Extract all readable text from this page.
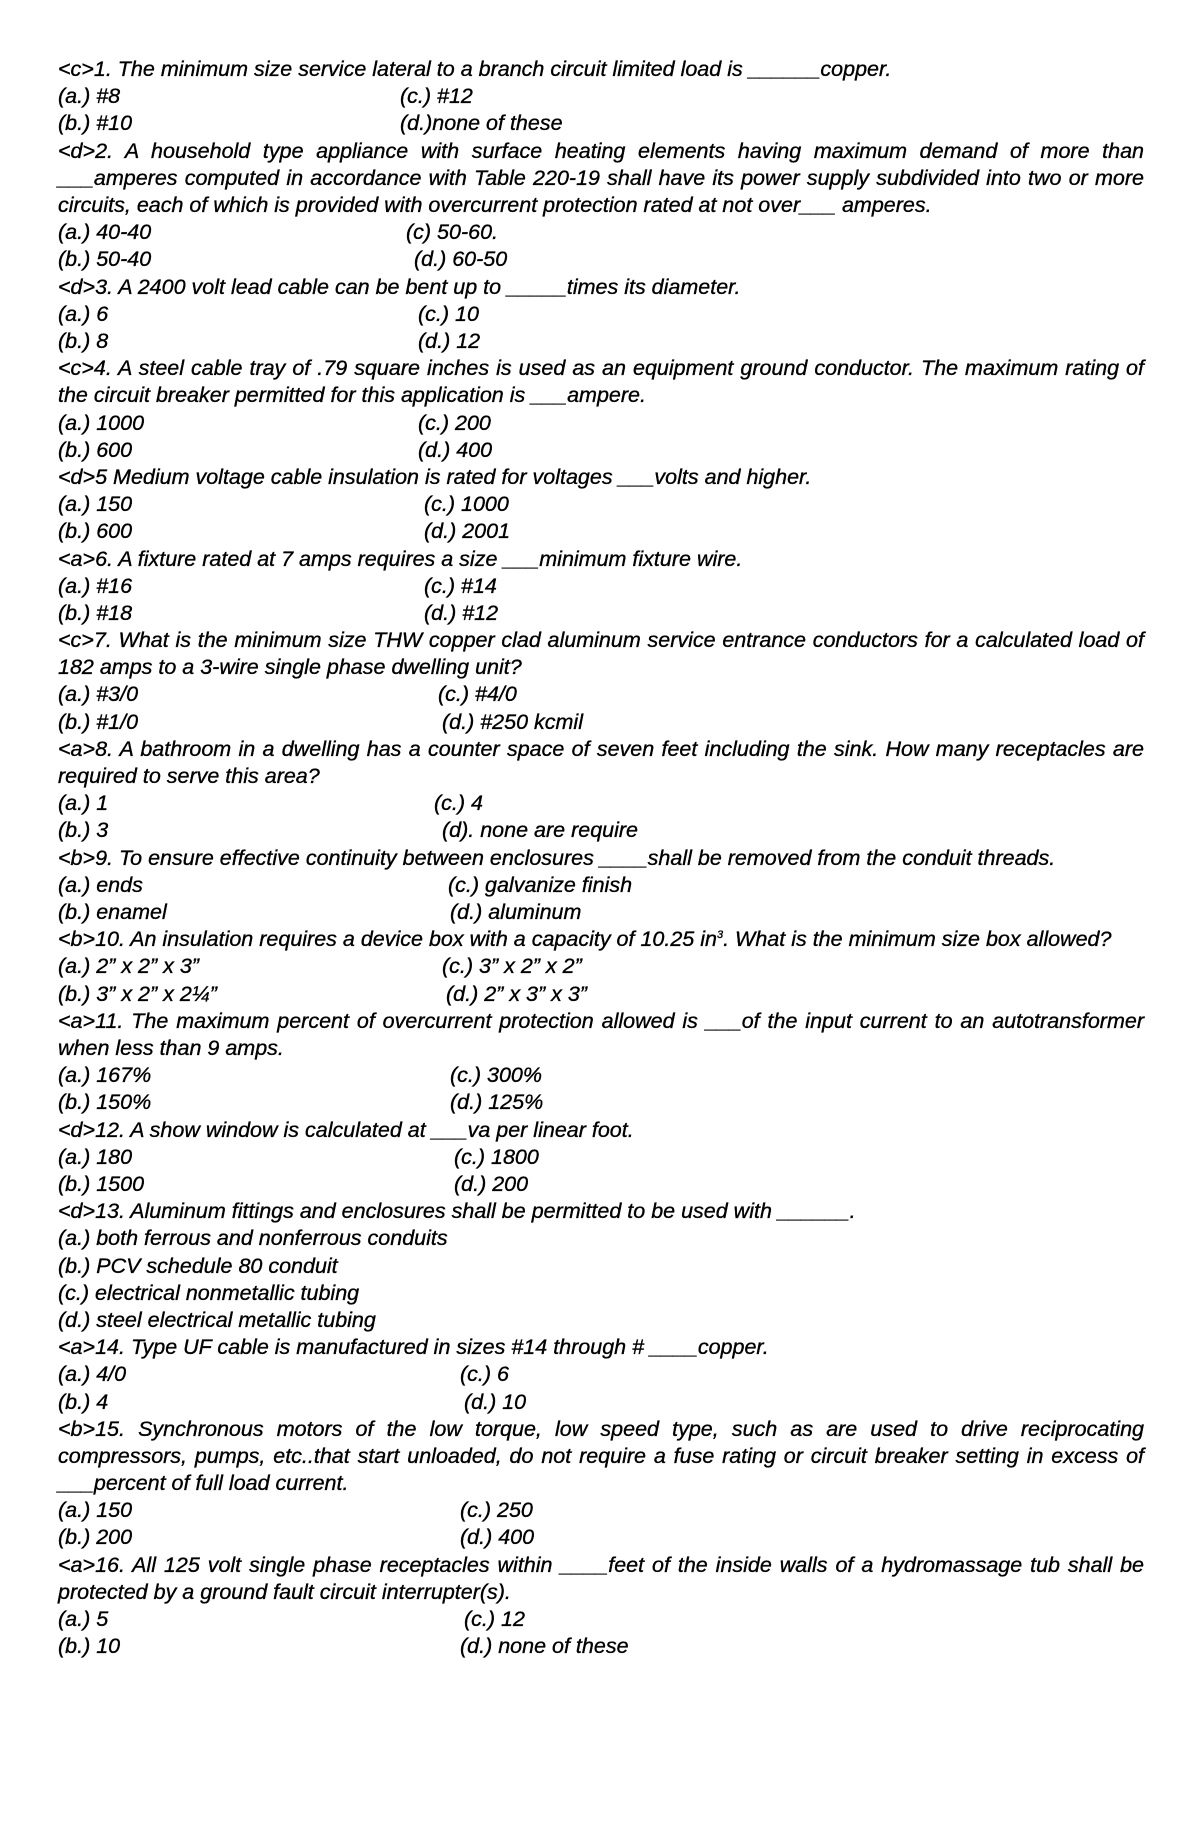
<c>1. The minimum size service lateral to a branch circuit limited load is ______copper.
(a.) #8	(c.) #12
(b.) #10	(d.)none of these
<d>2. A household type appliance with surface heating elements having maximum demand of more than ___amperes computed in accordance with Table 220-19 shall have its power supply subdivided into two or more circuits, each of which is provided with overcurrent protection rated at not over___ amperes.
(a.) 40-40	(c) 50-60.
(b.) 50-40	(d.) 60-50
<d>3. A 2400 volt lead cable can be bent up to _____times its diameter.
(a.) 6	(c.) 10
(b.) 8	(d.) 12
<c>4. A steel cable tray of .79 square inches is used as an equipment ground conductor. The maximum rating of the circuit breaker permitted for this application is ___ampere.
(a.) 1000	(c.) 200
(b.) 600	(d.) 400
<d>5 Medium voltage cable insulation is rated for voltages ___volts and higher.
(a.) 150	(c.) 1000
(b.) 600	(d.) 2001
<a>6. A fixture rated at 7 amps requires a size ___minimum fixture wire.
(a.) #16	(c.) #14
(b.) #18	(d.) #12
<c>7. What is the minimum size THW copper clad aluminum service entrance conductors for a calculated load of 182 amps to a 3-wire single phase dwelling unit?
(a.) #3/0	(c.) #4/0
(b.) #1/0	(d.) #250 kcmil
<a>8. A bathroom in a dwelling has a counter space of seven feet including the sink. How many receptacles are required to serve this area?
(a.) 1	(c.) 4
(b.) 3	(d). none are require
<b>9. To ensure effective continuity between enclosures ____shall be removed from the conduit threads.
(a.) ends	(c.) galvanize finish
(b.) enamel	(d.) aluminum
<b>10. An insulation requires a device box with a capacity of 10.25 $in^3$. What is the minimum size box allowed?
(a.) 2” x 2” x 3”	(c.) 3” x 2” x 2”
(b.) 3” x 2” x 2¼”	(d.) 2” x 3” x 3”
<a>11. The maximum percent of overcurrent protection allowed is ___of the input current to an autotransformer when less than 9 amps.
(a.) 167%	(c.) 300%
(b.) 150%	(d.) 125%
<d>12. A show window is calculated at ___va per linear foot.
(a.) 180	(c.) 1800
(b.) 1500	(d.) 200
<d>13. Aluminum fittings and enclosures shall be permitted to be used with ______.
(a.) both ferrous and nonferrous conduits
(b.) PCV schedule 80 conduit
(c.) electrical nonmetallic tubing
(d.) steel electrical metallic tubing
<a>14. Type UF cable is manufactured in sizes #14 through # ____copper.
(a.) 4/0	(c.) 6
(b.) 4	(d.) 10
<b>15. Synchronous motors of the low torque, low speed type, such as are used to drive reciprocating compressors, pumps, etc..that start unloaded, do not require a fuse rating or circuit breaker setting in excess of ___percent of full load current.
(a.) 150	(c.) 250
(b.) 200	(d.) 400
<a>16. All 125 volt single phase receptacles within ____feet of the inside walls of a hydromassage tub shall be protected by a ground fault circuit interrupter(s).
(a.) 5	(c.) 12
(b.) 10	(d.) none of these
